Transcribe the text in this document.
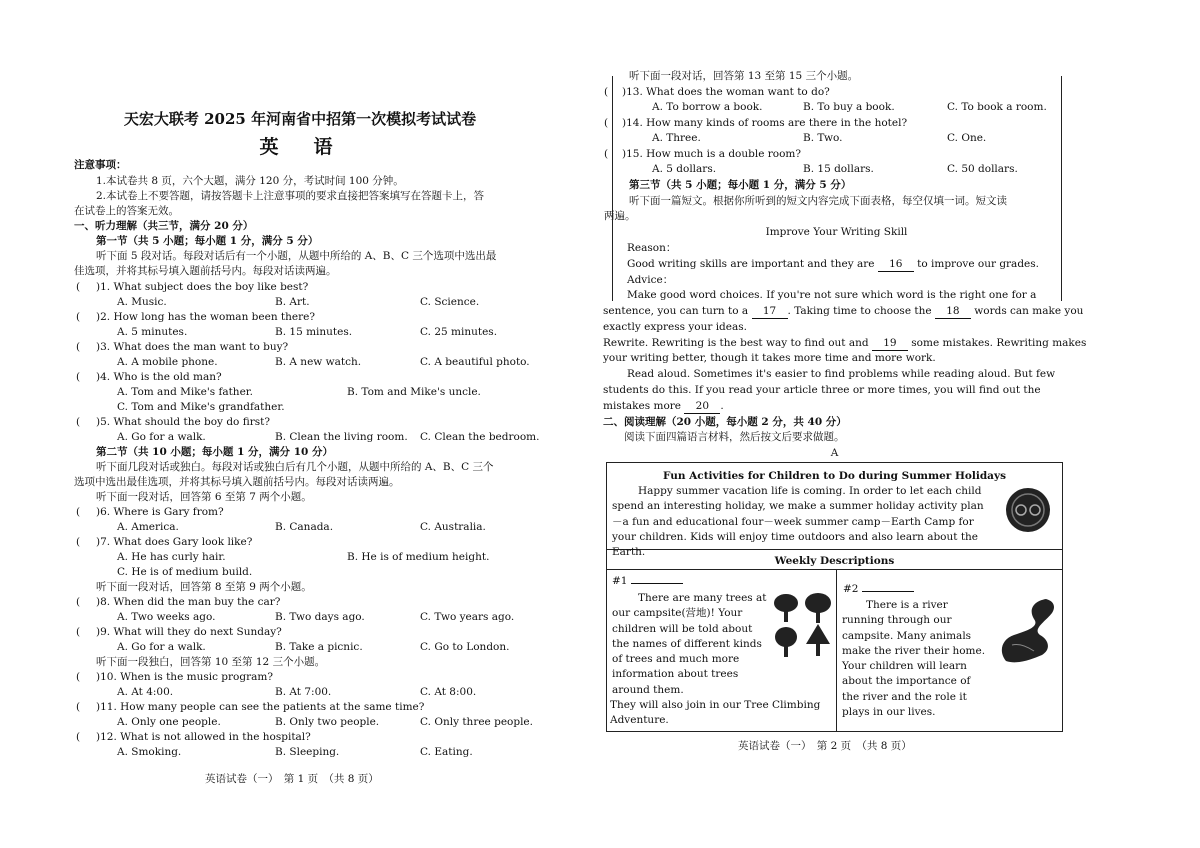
天宏大联考 2025 年河南省中招第一次模拟考试试卷
英　语
注意事项：
1.本试卷共 8 页，六个大题，满分 120 分，考试时间 100 分钟。
2.本试卷上不要答题，请按答题卡上注意事项的要求直接把答案填写在答题卡上，答
在试卷上的答案无效。
一、听力理解（共三节，满分 20 分）
第一节（共 5 小题；每小题 1 分，满分 5 分）
听下面 5 段对话。每段对话后有一个小题，从题中所给的 A、B、C 三个选项中选出最
佳选项，并将其标号填入题前括号内。每段对话读两遍。
( )1. What subject does the boy like best?
A. Music.	B. Art.	C. Science.
( )2. How long has the woman been there?
A. 5 minutes.	B. 15 minutes.	C. 25 minutes.
( )3. What does the man want to buy?
A. A mobile phone.	B. A new watch.	C. A beautiful photo.
( )4. Who is the old man?
A. Tom and Mike's father.	B. Tom and Mike's uncle.
C. Tom and Mike's grandfather.
( )5. What should the boy do first?
A. Go for a walk.	B. Clean the living room. C. Clean the bedroom.
第二节（共 10 小题；每小题 1 分，满分 10 分）
听下面几段对话或独白。每段对话或独白后有几个小题，从题中所给的 A、B、C 三个
选项中选出最佳选项，并将其标号填入题前括号内。每段对话读两遍。
听下面一段对话，回答第 6 至第 7 两个小题。
( )6. Where is Gary from?
A. America.	B. Canada.	C. Australia.
( )7. What does Gary look like?
A. He has curly hair.	B. He is of medium height.
C. He is of medium build.
听下面一段对话，回答第 8 至第 9 两个小题。
( )8. When did the man buy the car?
A. Two weeks ago.	B. Two days ago.	C. Two years ago.
( )9. What will they do next Sunday?
A. Go for a walk.	B. Take a picnic.	C. Go to London.
听下面一段独白，回答第 10 至第 12 三个小题。
( )10. When is the music program?
A. At 4:00.	B. At 7:00.	C. At 8:00.
( )11. How many people can see the patients at the same time?
A. Only one people.	B. Only two people.	C. Only three people.
( )12. What is not allowed in the hospital?
A. Smoking.	B. Sleeping.	C. Eating.
英语试卷（一）　第 1 页　（共 8 页）
听下面一段对话，回答第 13 至第 15 三个小题。
( )13. What does the woman want to do?
A. To borrow a book.	B. To buy a book.	C. To book a room.
( )14. How many kinds of rooms are there in the hotel?
A. Three.	B. Two.	C. One.
( )15. How much is a double room?
A. 5 dollars.	B. 15 dollars.	C. 50 dollars.
第三节（共 5 小题；每小题 1 分，满分 5 分）
听下面一篇短文。根据你所听到的短文内容完成下面表格，每空仅填一词。短文读
两遍。
Improve Your Writing Skill
Reason：
Good writing skills are important and they are 16 to improve our grades.
Advice：
Make good word choices. If you're not sure which word is the right one for a
sentence, you can turn to a 17 . Taking time to choose the 18 words can make you
exactly express your ideas.
Rewrite. Rewriting is the best way to find out and 19 some mistakes. Rewriting makes
your writing better, though it takes more time and more work.
Read aloud. Sometimes it's easier to find problems while reading aloud. But few
students do this. If you read your article three or more times, you will find out the
mistakes more 20 .
二、阅读理解（20 小题，每小题 2 分，共 40 分）
阅读下面四篇语言材料，然后按文后要求做题。
A
Fun Activities for Children to Do during Summer Holidays
Happy summer vacation life is coming. In order to let each child spend an interesting holiday, we make a summer holiday activity plan－a fun and educational four－week summer camp－Earth Camp for your children. Kids will enjoy time outdoors and also learn about the Earth.
Weekly Descriptions
#1
There are many trees at our campsite(营地)! Your children will be told about the names of different kinds of trees and much more information about trees around them.
They will also join in our Tree Climbing Adventure.
#2
There is a river running through our campsite. Many animals make the river their home. Your children will learn about the importance of the river and the role it plays in our lives.
英语试卷（一）　第 2 页　（共 8 页）
